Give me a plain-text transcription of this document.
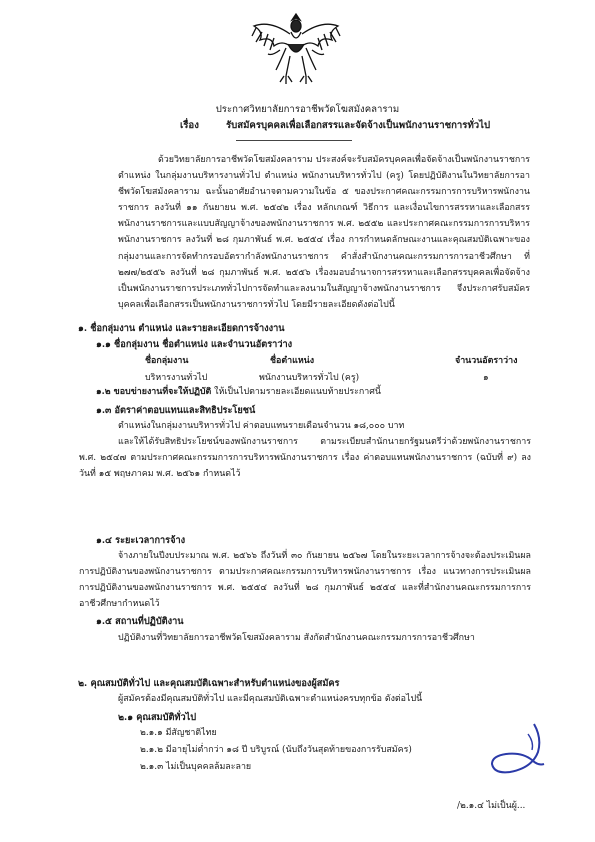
ประกาศวิทยาลัยการอาชีพวัดโฆสมังคลาราม
เรื่อง	รับสมัครบุคคลเพื่อเลือกสรรและจัดจ้างเป็นพนักงานราชการทั่วไป
ด้วยวิทยาลัยการอาชีพวัดโฆสมังคลาราม ประสงค์จะรับสมัครบุคคลเพื่อจัดจ้างเป็นพนักงานราชการ ตำแหน่ง ในกลุ่มงานบริหารงานทั่วไป ตำแหน่ง พนักงานบริหารทั่วไป (ครู) โดยปฏิบัติงานในวิทยาลัยการอาชีพวัดโฆสมังคลาราม ฉะนั้นอาศัยอำนาจตามความในข้อ ๕ ของประกาศคณะกรรมการการบริหารพนักงานราชการ ลงวันที่ ๑๑ กันยายน พ.ศ. ๒๕๔๒ เรื่อง หลักเกณฑ์ วิธีการ และเงื่อนไขการสรรหาและเลือกสรรพนักงานราชการและแบบสัญญาจ้างของพนักงานราชการ พ.ศ. ๒๕๕๒ และประกาศคณะกรรมการการบริหารพนักงานราชการ ลงวันที่ ๒๘ กุมภาพันธ์ พ.ศ. ๒๕๕๔ เรื่อง การกำหนดลักษณะงานและคุณสมบัติเฉพาะของกลุ่มงานและการจัดทำกรอบอัตรากำลังพนักงานราชการ คำสั่งสำนักงานคณะกรรมการการอาชีวศึกษา ที่ ๒๗๗/๒๕๕๖ ลงวันที่ ๒๘ กุมภาพันธ์ พ.ศ. ๒๕๕๖ เรื่องมอบอำนาจการสรรหาและเลือกสรรบุคคลเพื่อจัดจ้างเป็นพนักงานราชการประเภททั่วไปการจัดทำและลงนามในสัญญาจ้างพนักงานราชการ จึงประกาศรับสมัครบุคคลเพื่อเลือกสรรเป็นพนักงานราชการทั่วไป โดยมีรายละเอียดดังต่อไปนี้
๑. ชื่อกลุ่มงาน ตำแหน่ง และรายละเอียดการจ้างงาน
๑.๑ ชื่อกลุ่มงาน ชื่อตำแหน่ง และจำนวนอัตราว่าง
ชื่อกลุ่มงาน	ชื่อตำแหน่ง	จำนวนอัตราว่าง
บริหารงานทั่วไป	พนักงานบริหารทั่วไป (ครู)	๑
๑.๒ ขอบข่ายงานที่จะให้ปฏิบัติ ให้เป็นไปตามรายละเอียดแนบท้ายประกาศนี้
๑.๓ อัตราค่าตอบแทนและสิทธิประโยชน์
ตำแหน่งในกลุ่มงานบริหารทั่วไป ค่าตอบแทนรายเดือนจำนวน ๑๘,๐๐๐ บาท
และให้ได้รับสิทธิประโยชน์ของพนักงานราชการ ตามระเบียบสำนักนายกรัฐมนตรีว่าด้วยพนักงานราชการ พ.ศ. ๒๕๔๗ ตามประกาศคณะกรรมการการบริหารพนักงานราชการ เรื่อง ค่าตอบแทนพนักงานราชการ (ฉบับที่ ๙) ลงวันที่ ๑๕ พฤษภาคม พ.ศ. ๒๕๖๑ กำหนดไว้
๑.๔ ระยะเวลาการจ้าง
จ้างภายในปีงบประมาณ พ.ศ. ๒๕๖๖ ถึงวันที่ ๓๐ กันยายน ๒๕๖๗ โดยในระยะเวลาการจ้างจะต้องประเมินผลการปฏิบัติงานของพนักงานราชการ ตามประกาศคณะกรรมการบริหารพนักงานราชการ เรื่อง แนวทางการประเมินผลการปฏิบัติงานของพนักงานราชการ พ.ศ. ๒๕๕๔ ลงวันที่ ๒๘ กุมภาพันธ์ ๒๕๕๔ และที่สำนักงานคณะกรรมการการอาชีวศึกษากำหนดไว้
๑.๕ สถานที่ปฏิบัติงาน
ปฏิบัติงานที่วิทยาลัยการอาชีพวัดโฆสมังคลาราม สังกัดสำนักงานคณะกรรมการการอาชีวศึกษา
๒. คุณสมบัติทั่วไป และคุณสมบัติเฉพาะสำหรับตำแหน่งของผู้สมัคร
ผู้สมัครต้องมีคุณสมบัติทั่วไป และมีคุณสมบัติเฉพาะตำแหน่งครบทุกข้อ ดังต่อไปนี้
๒.๑ คุณสมบัติทั่วไป
๒.๑.๑ มีสัญชาติไทย
๒.๑.๒ มีอายุไม่ต่ำกว่า ๑๘ ปี บริบูรณ์ (นับถึงวันสุดท้ายของการรับสมัคร)
๒.๑.๓ ไม่เป็นบุคคลล้มละลาย
/๒.๑.๔ ไม่เป็นผู้...
